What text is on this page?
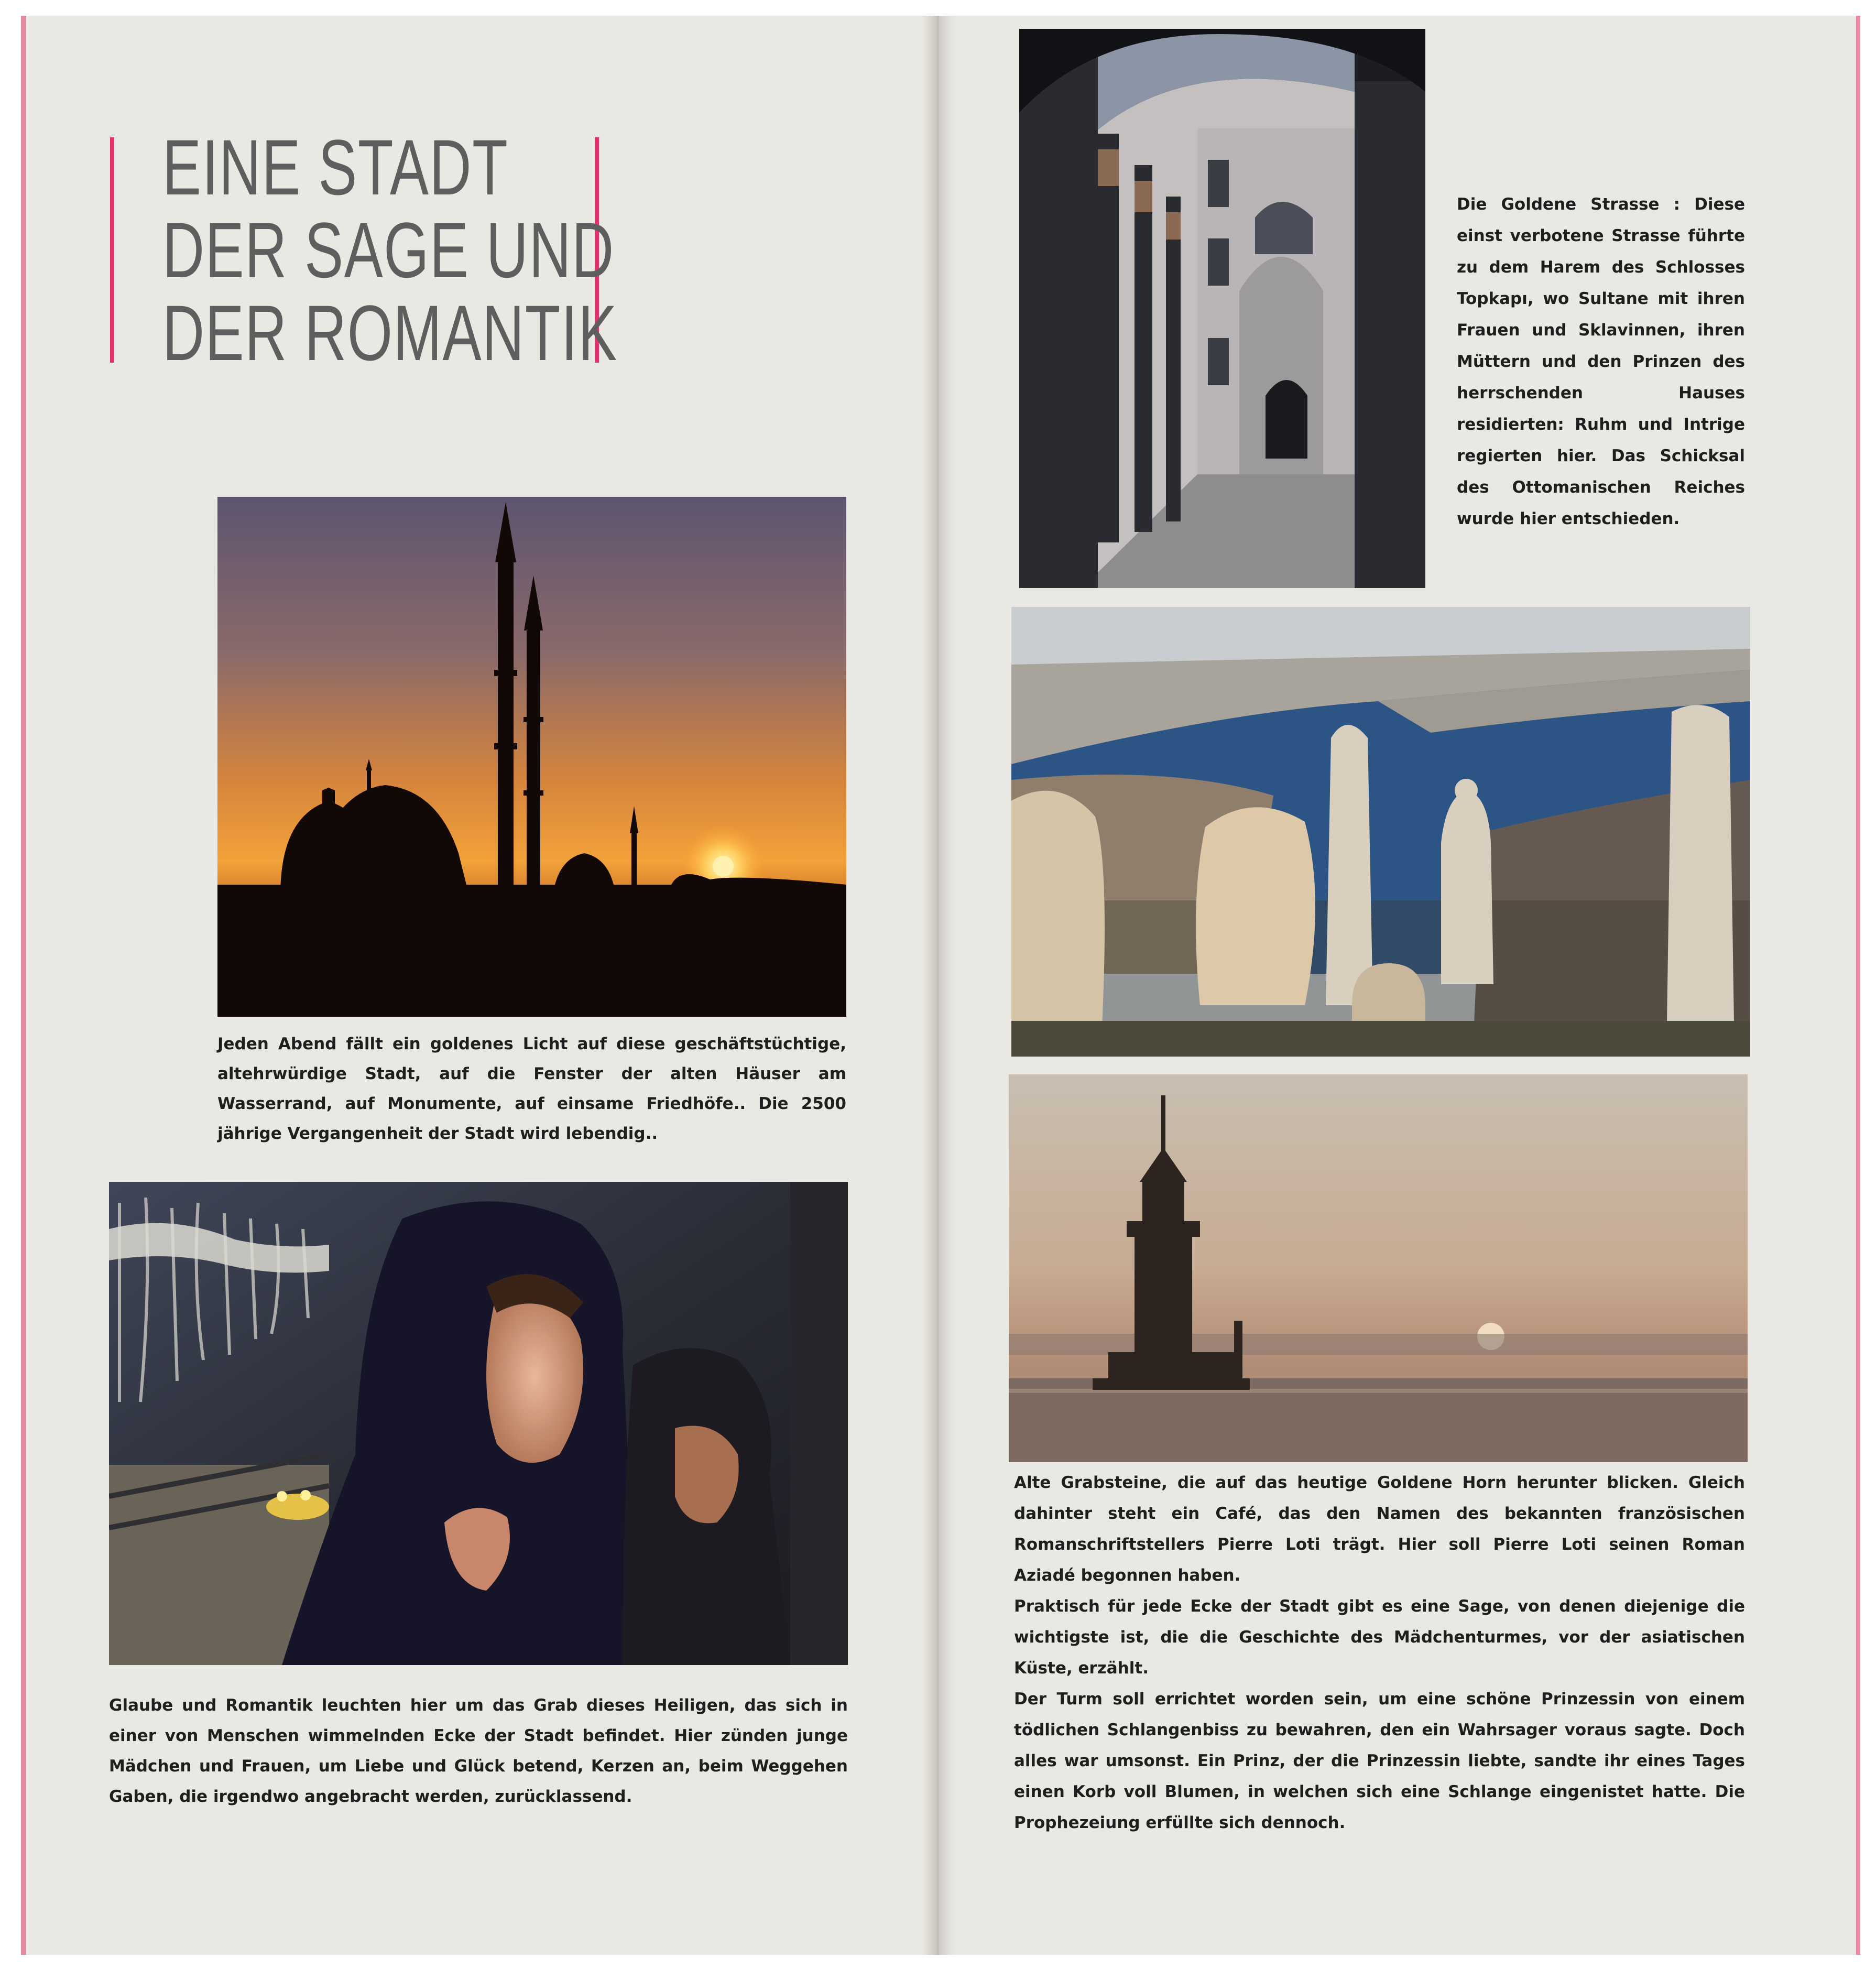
EINE STADT
DER SAGE UND
DER ROMANTIK

Jeden Abend fällt ein goldenes Licht auf diese geschäftstüchtige, altehrwürdige Stadt, auf die Fenster der alten Häuser am Wasserrand, auf Monumente, auf einsame Friedhöfe.. Die 2500 jährige Vergangenheit der Stadt wird lebendig..

Glaube und Romantik leuchten hier um das Grab dieses Heiligen, das sich in einer von Menschen wimmelnden Ecke der Stadt befindet. Hier zünden junge Mädchen und Frauen, um Liebe und Glück betend, Kerzen an, beim Weggehen Gaben, die irgendwo angebracht werden, zurücklassend.

Die Goldene Strasse : Diese einst verbotene Strasse führte zu dem Harem des Schlosses Topkapı, wo Sultane mit ihren Frauen und Sklavinnen, ihren Müttern und den Prinzen des herrschenden Hauses residierten: Ruhm und Intrige regierten hier. Das Schicksal des Ottomanischen Reiches wurde hier entschieden.

Alte Grabsteine, die auf das heutige Goldene Horn herunter blicken. Gleich dahinter steht ein Café, das den Namen des bekannten französischen Romanschriftstellers Pierre Loti trägt. Hier soll Pierre Loti seinen Roman Aziadé begonnen haben.

Praktisch für jede Ecke der Stadt gibt es eine Sage, von denen diejenige die wichtigste ist, die die Geschichte des Mädchenturmes, vor der asiatischen Küste, erzählt.

Der Turm soll errichtet worden sein, um eine schöne Prinzessin von einem tödlichen Schlangenbiss zu bewahren, den ein Wahrsager voraus sagte. Doch alles war umsonst. Ein Prinz, der die Prinzessin liebte, sandte ihr eines Tages einen Korb voll Blumen, in welchen sich eine Schlange eingenistet hatte. Die Prophezeiung erfüllte sich dennoch.
